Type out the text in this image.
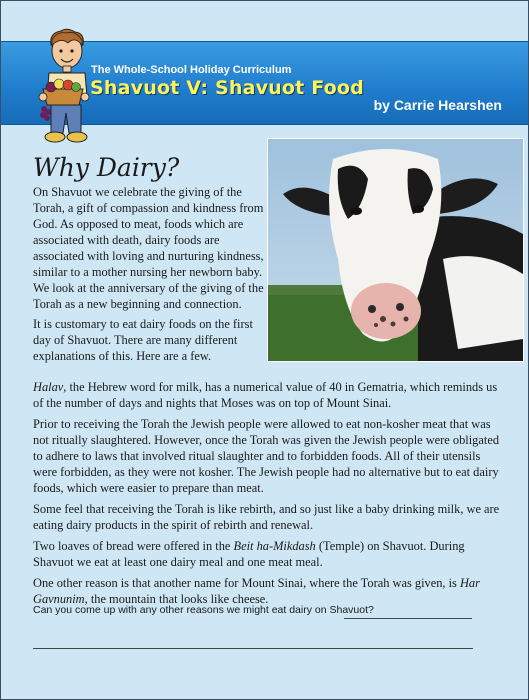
The Whole-School Holiday Curriculum
Shavuot V: Shavuot Food
by Carrie Hearshen
Why Dairy?

On Shavuot we celebrate the giving of the Torah, a gift of compassion and kindness from God. As opposed to meat, foods which are associated with death, dairy foods are associated with loving and nurturing kindness, similar to a mother nursing her newborn baby. We look at the anniversary of the giving of the Torah as a new beginning and connection.

It is customary to eat dairy foods on the first day of Shavuot. There are many different explanations of this. Here are a few.

Halav, the Hebrew word for milk, has a numerical value of 40 in Gematria, which reminds us of the number of days and nights that Moses was on top of Mount Sinai.

Prior to receiving the Torah the Jewish people were allowed to eat non-kosher meat that was not ritually slaughtered. However, once the Torah was given the Jewish people were obligated to adhere to laws that involved ritual slaughter and to forbidden foods. All of their utensils were forbidden, as they were not kosher. The Jewish people had no alternative but to eat dairy foods, which were easier to prepare than meat.

Some feel that receiving the Torah is like rebirth, and so just like a baby drinking milk, we are eating dairy products in the spirit of rebirth and renewal.

Two loaves of bread were offered in the Beit ha-Mikdash (Temple) on Shavuot. During Shavuot we eat at least one dairy meal and one meat meal.

One other reason is that another name for Mount Sinai, where the Torah was given, is Har Gavnunim, the mountain that looks like cheese.

Can you come up with any other reasons we might eat dairy on Shavuot?
